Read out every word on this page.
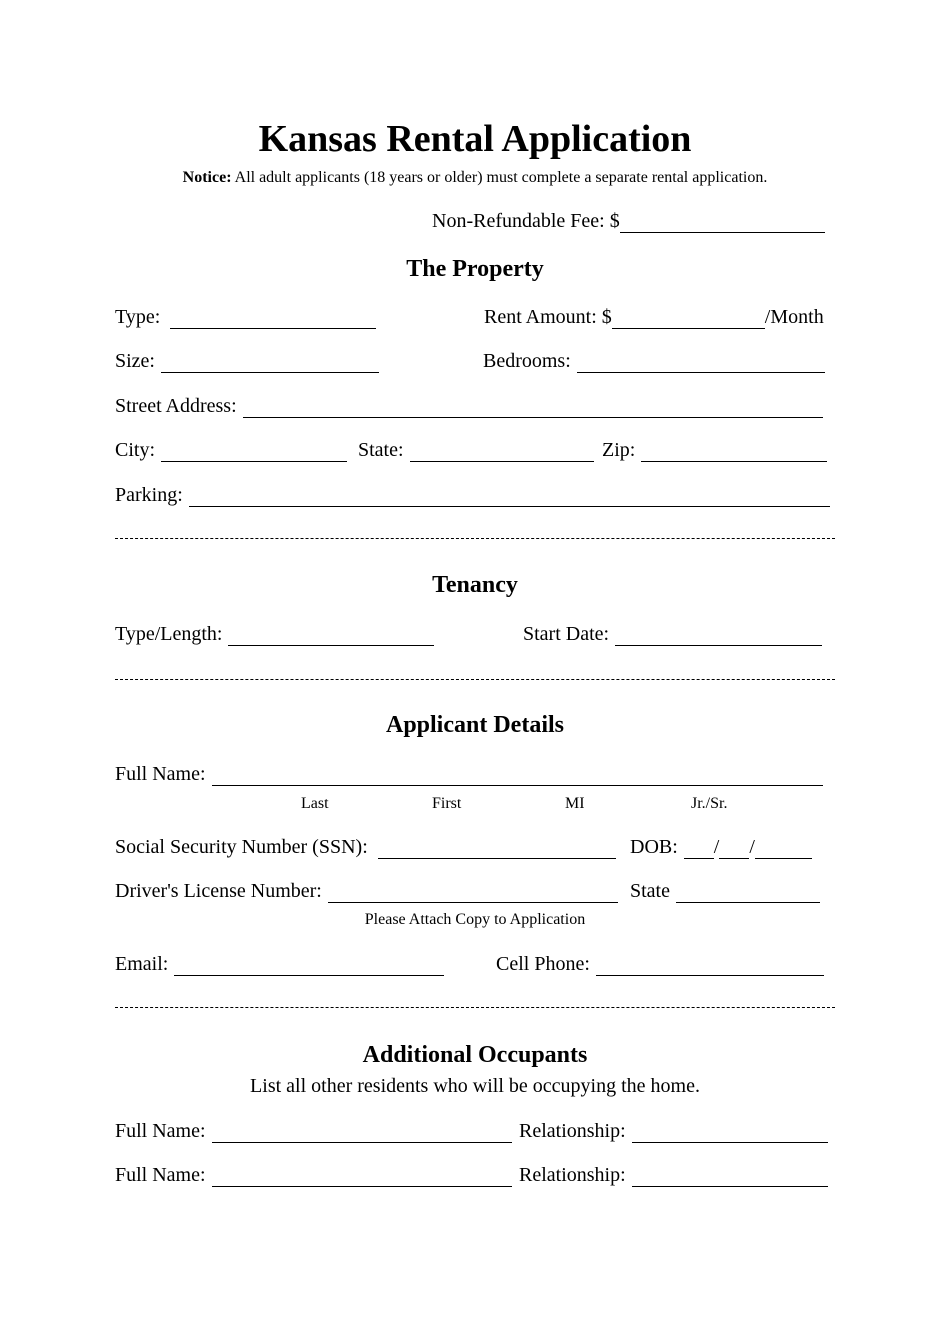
Kansas Rental Application
Notice: All adult applicants (18 years or older) must complete a separate rental application.
Non-Refundable Fee: $
The Property
Type:	Rent Amount: $	/Month
Size:	Bedrooms:
Street Address:
City:	State:	Zip:
Parking:
Tenancy
Type/Length:	Start Date:
Applicant Details
Full Name:
Last	First	MI	Jr./Sr.
Social Security Number (SSN):	DOB: / /
Driver's License Number:	State
Please Attach Copy to Application
Email:	Cell Phone:
Additional Occupants
List all other residents who will be occupying the home.
Full Name:	Relationship:
Full Name:	Relationship:
